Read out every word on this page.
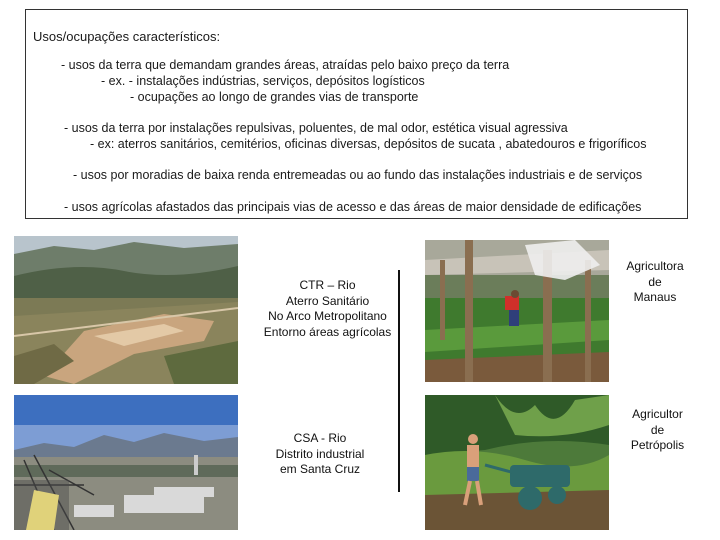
Usos/ocupações característicos:
- usos da terra que demandam grandes áreas, atraídas pelo baixo preço da terra
- ex. - instalações indústrias, serviços, depósitos logísticos
- ocupações ao longo de grandes vias de transporte
- usos da terra por instalações repulsivas, poluentes, de mal odor, estética visual agressiva
- ex: aterros sanitários, cemitérios, oficinas diversas, depósitos de sucata , abatedouros e frigoríficos
- usos por moradias de baixa renda entremeadas ou ao fundo das instalações industriais e de serviços
- usos agrícolas afastados das principais vias de acesso e das áreas de maior densidade de edificações
CTR – Rio
Aterro Sanitário
No Arco Metropolitano
Entorno áreas agrícolas
CSA - Rio
Distrito industrial
em Santa Cruz
Agricultora
de
Manaus
Agricultor
de
Petrópolis
